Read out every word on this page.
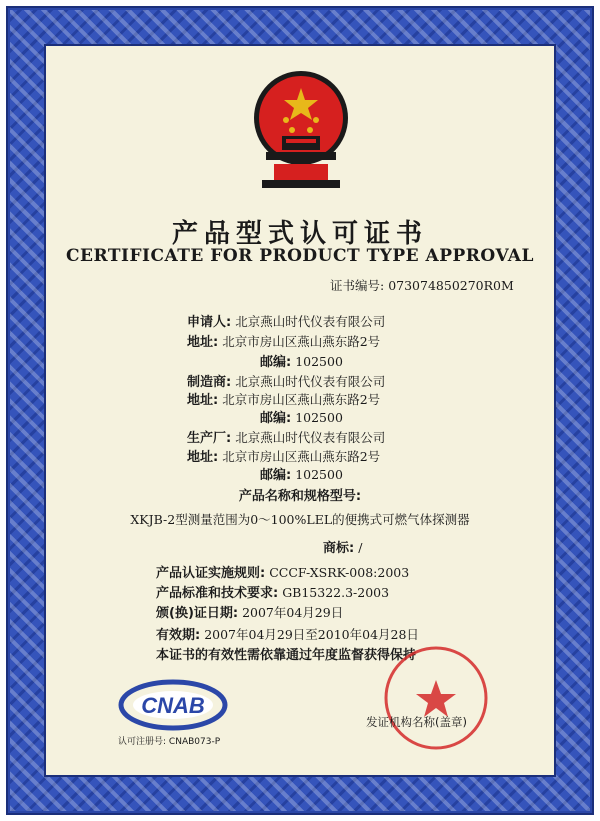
产品型式认可证书
CERTIFICATE FOR PRODUCT TYPE APPROVAL
证书编号: 073074850270R0M
申请人: 北京燕山时代仪表有限公司
地址: 北京市房山区燕山燕东路2号
邮编: 102500
制造商: 北京燕山时代仪表有限公司
地址: 北京市房山区燕山燕东路2号
邮编: 102500
生产厂: 北京燕山时代仪表有限公司
地址: 北京市房山区燕山燕东路2号
邮编: 102500
产品名称和规格型号:
XKJB-2型测量范围为0～100%LEL的便携式可燃气体探测器
商标: /
产品认证实施规则: CCCF-XSRK-008:2003
产品标准和技术要求: GB15322.3-2003
颁(换)证日期: 2007年04月29日
有效期: 2007年04月29日至2010年04月28日
本证书的有效性需依靠通过年度监督获得保持
CNAB
认可注册号: CNAB073-P
发证机构名称(盖章)
